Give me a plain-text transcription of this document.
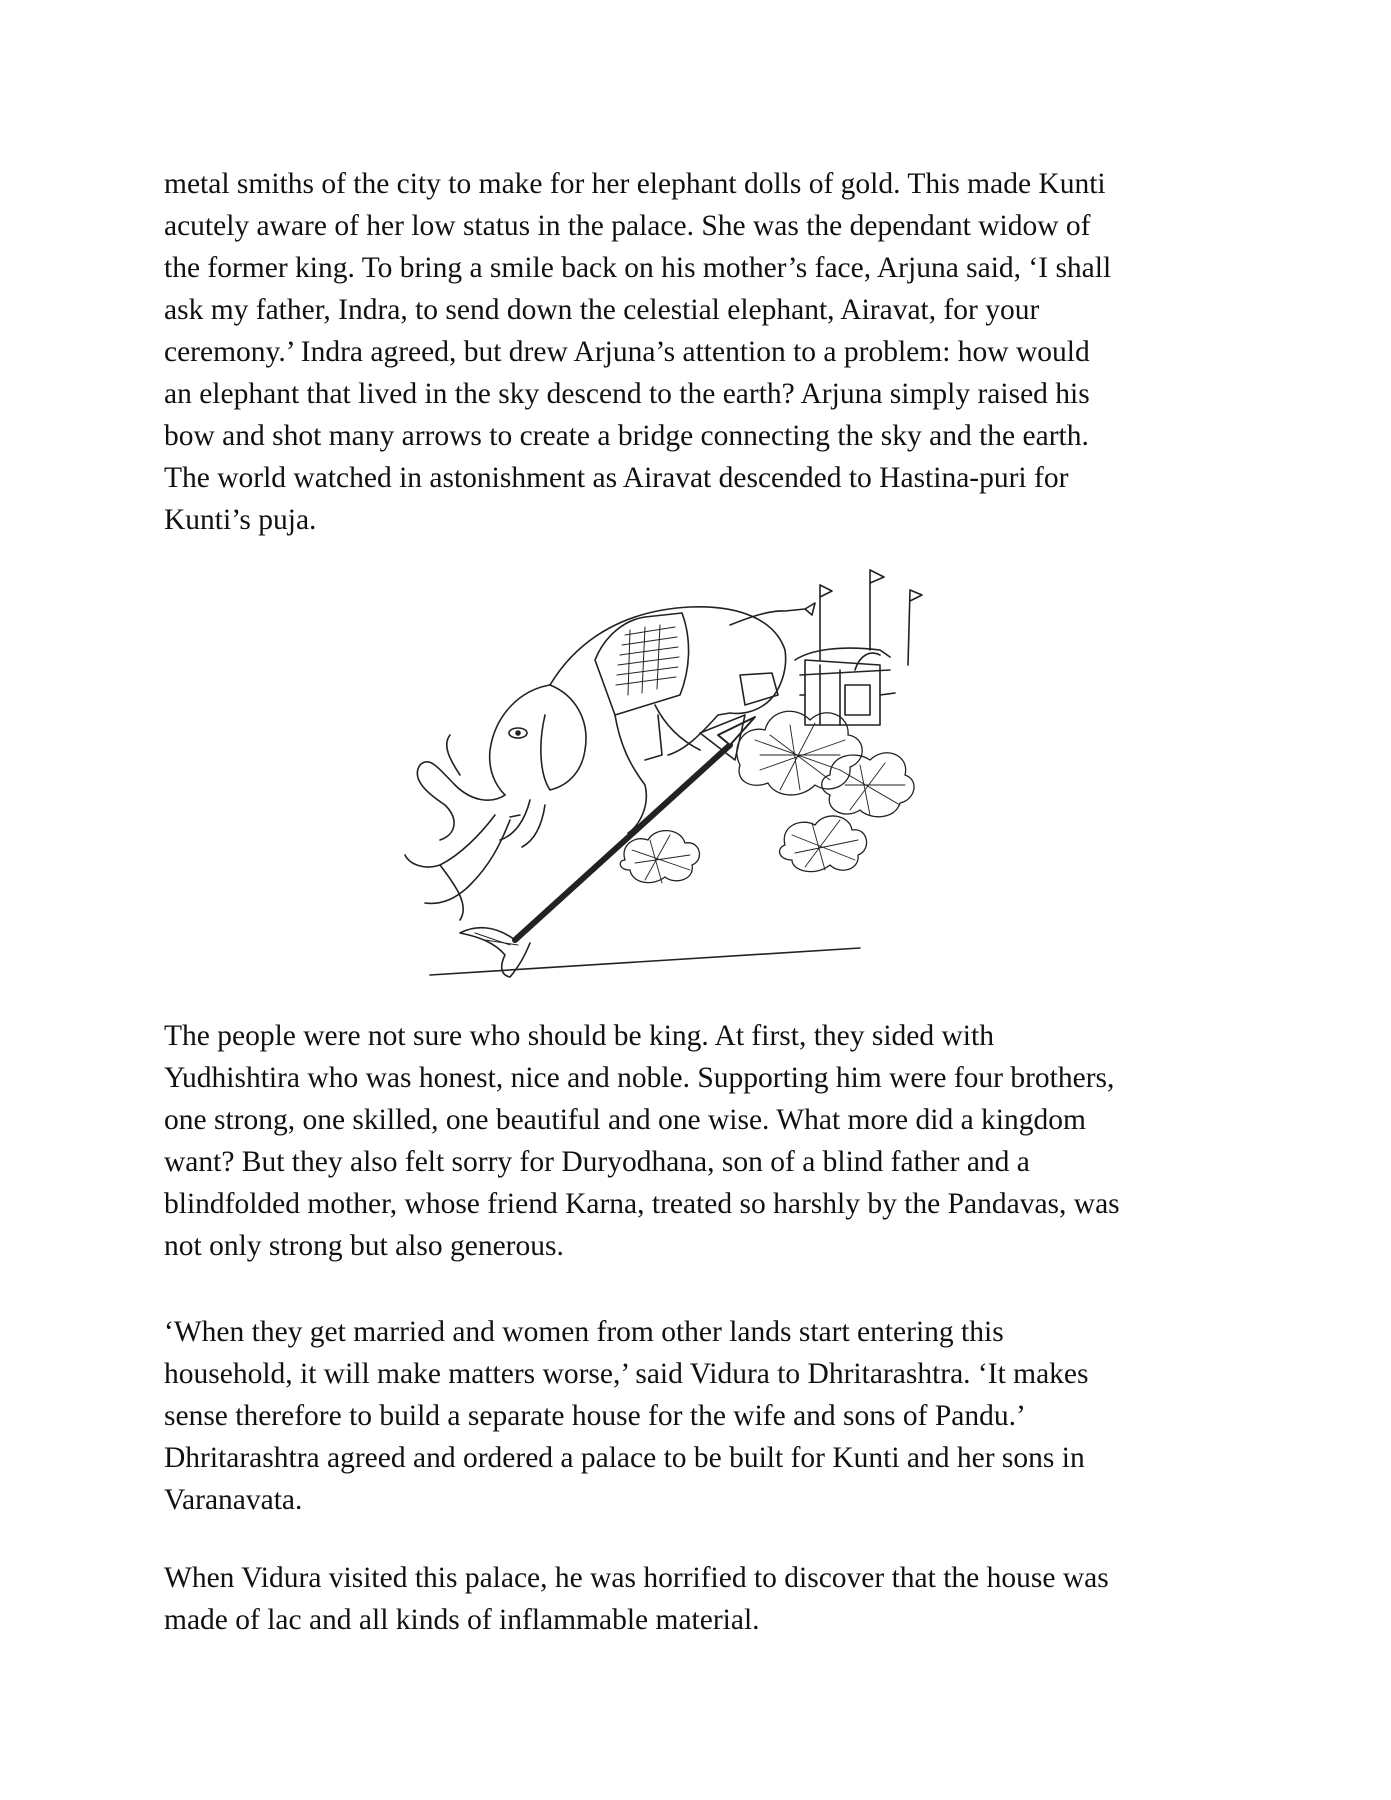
metal smiths of the city to make for her elephant dolls of gold. This made Kunti
acutely aware of her low status in the palace. She was the dependant widow of
the former king. To bring a smile back on his mother’s face, Arjuna said, ‘I shall
ask my father, Indra, to send down the celestial elephant, Airavat, for your
ceremony.’ Indra agreed, but drew Arjuna’s attention to a problem: how would
an elephant that lived in the sky descend to the earth? Arjuna simply raised his
bow and shot many arrows to create a bridge connecting the sky and the earth.
The world watched in astonishment as Airavat descended to Hastina-puri for
Kunti’s puja.

The people were not sure who should be king. At first, they sided with
Yudhishtira who was honest, nice and noble. Supporting him were four brothers,
one strong, one skilled, one beautiful and one wise. What more did a kingdom
want? But they also felt sorry for Duryodhana, son of a blind father and a
blindfolded mother, whose friend Karna, treated so harshly by the Pandavas, was
not only strong but also generous.

‘When they get married and women from other lands start entering this
household, it will make matters worse,’ said Vidura to Dhritarashtra. ‘It makes
sense therefore to build a separate house for the wife and sons of Pandu.’
Dhritarashtra agreed and ordered a palace to be built for Kunti and her sons in
Varanavata.

When Vidura visited this palace, he was horrified to discover that the house was
made of lac and all kinds of inflammable material.
